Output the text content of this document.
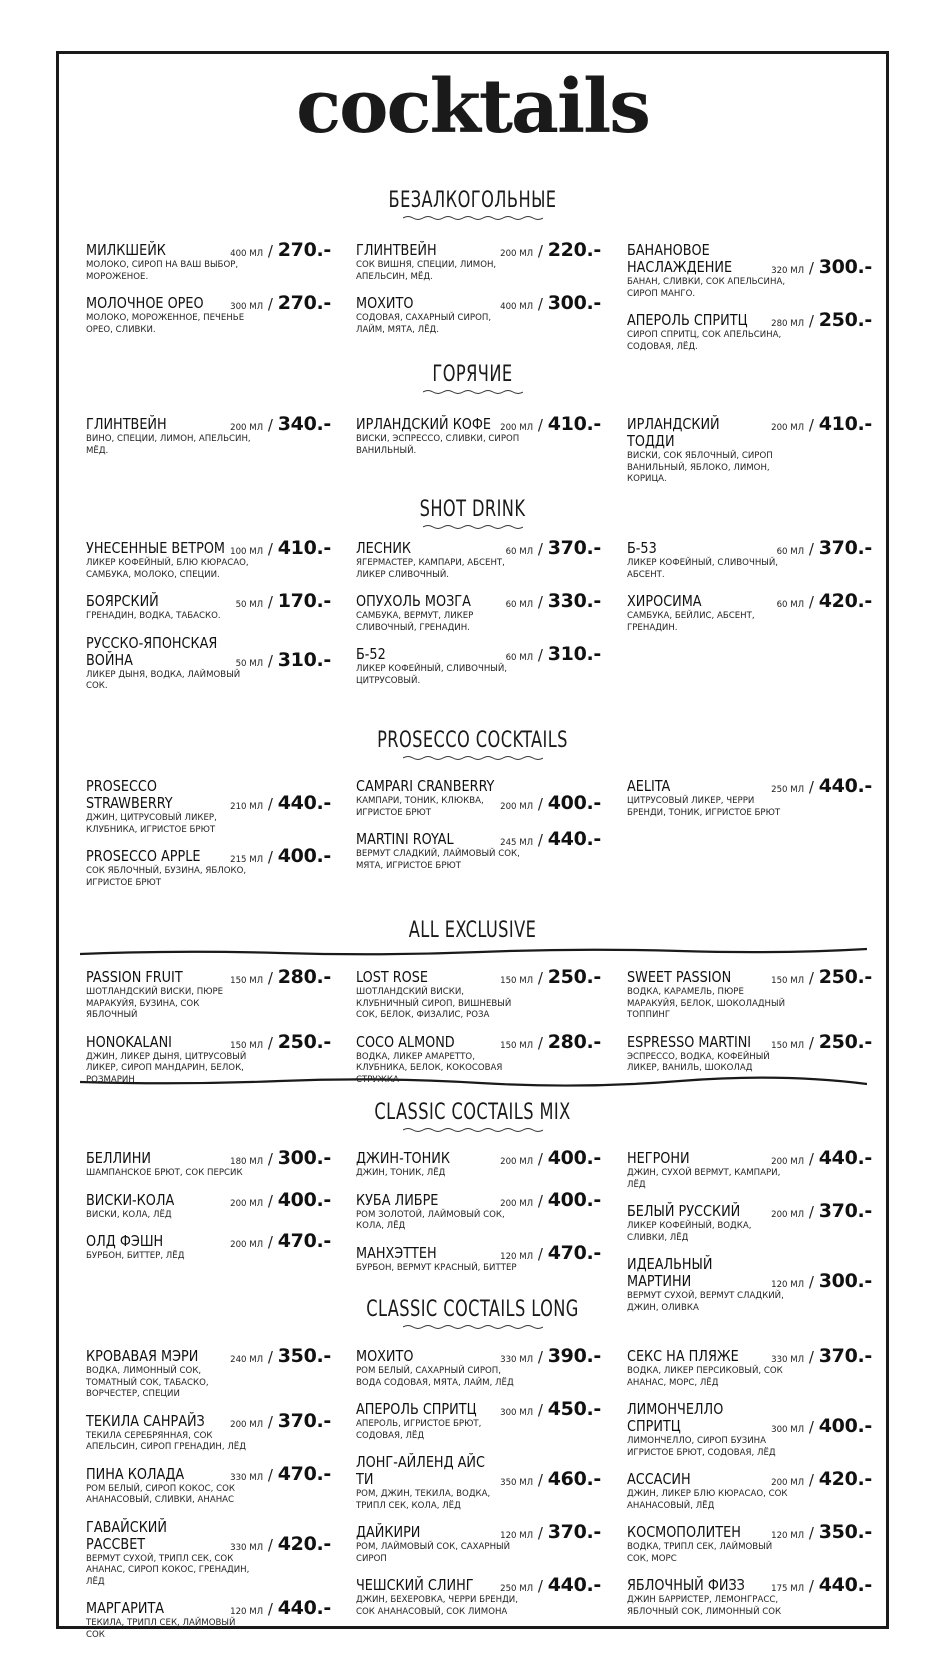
cocktails
БЕЗАЛКОГОЛЬНЫЕ
ГОРЯЧИЕ
SHOT DRINK
PROSECCO COCKTAILS
ALL EXCLUSIVE
CLASSIC COCTAILS MIX
CLASSIC COCTAILS LONG
МИЛКШЕЙК	400 МЛ / 270.-
МОЛОКО, СИРОП НА ВАШ ВЫБОР, МОРОЖЕНОЕ.
МОЛОЧНОЕ ОРЕО	300 МЛ / 270.-
МОЛОКО, МОРОЖЕННОЕ, ПЕЧЕНЬЕ ОРЕО, СЛИВКИ.
ГЛИНТВЕЙН	200 МЛ / 220.-
СОК ВИШНЯ, СПЕЦИИ, ЛИМОН, АПЕЛЬСИН, МЁД.
МОХИТО	400 МЛ / 300.-
СОДОВАЯ, САХАРНЫЙ СИРОП, ЛАЙМ, МЯТА, ЛЁД.
БАНАНОВОЕ НАСЛАЖДЕНИЕ	320 МЛ / 300.-
БАНАН, СЛИВКИ, СОК АПЕЛЬСИНА, СИРОП МАНГО.
АПЕРОЛЬ СПРИТЦ	280 МЛ / 250.-
СИРОП СПРИТЦ, СОК АПЕЛЬСИНА, СОДОВАЯ, ЛЁД.
ГЛИНТВЕЙН	200 МЛ / 340.-
ВИНО, СПЕЦИИ, ЛИМОН, АПЕЛЬСИН, МЁД.
ИРЛАНДСКИЙ КОФЕ	200 МЛ / 410.-
ВИСКИ, ЭСПРЕССО, СЛИВКИ, СИРОП ВАНИЛЬНЫЙ.
ИРЛАНДСКИЙ ТОДДИ
200 МЛ / 410.-
ВИСКИ, СОК ЯБЛОЧНЫЙ, СИРОП ВАНИЛЬНЫЙ, ЯБЛОКО, ЛИМОН, КОРИЦА.
УНЕСЕННЫЕ ВЕТРОМ 100 МЛ / 410.-
ЛИКЕР КОФЕЙНЫЙ, БЛЮ КЮРАСАО, САМБУКА, МОЛОКО, СПЕЦИИ.
БОЯРСКИЙ	50 МЛ / 170.-
ГРЕНАДИН, ВОДКА, ТАБАСКО.
РУССКО-ЯПОНСКАЯ ВОЙНА	50 МЛ / 310.-
ЛИКЕР ДЫНЯ, ВОДКА, ЛАЙМОВЫЙ СОК.
ЛЕСНИК	60 МЛ / 370.-
ЯГЕРМАСТЕР, КАМПАРИ, АБСЕНТ, ЛИКЕР СЛИВОЧНЫЙ.
ОПУХОЛЬ МОЗГА	60 МЛ / 330.-
САМБУКА, ВЕРМУТ, ЛИКЕР СЛИВОЧНЫЙ, ГРЕНАДИН.
Б-52	60 МЛ / 310.-
ЛИКЕР КОФЕЙНЫЙ, СЛИВОЧНЫЙ, ЦИТРУСОВЫЙ.
Б-53	60 МЛ / 370.-
ЛИКЕР КОФЕЙНЫЙ, СЛИВОЧНЫЙ, АБСЕНТ.
ХИРОСИМА	60 МЛ / 420.-
САМБУКА, БЕЙЛИС, АБСЕНТ, ГРЕНАДИН.
PROSECCO STRAWBERRY	210 МЛ / 440.-
ДЖИН, ЦИТРУСОВЫЙ ЛИКЕР, КЛУБНИКА, ИГРИСТОЕ БРЮТ
PROSECCO APPLE	215 МЛ / 400.-
СОК ЯБЛОЧНЫЙ, БУЗИНА, ЯБЛОКО, ИГРИСТОЕ БРЮТ
CAMPARI CRANBERRY
200 МЛ / 400.-
КАМПАРИ, ТОНИК, КЛЮКВА, ИГРИСТОЕ БРЮТ
MARTINI ROYAL	245 МЛ / 440.-
ВЕРМУТ СЛАДКИЙ, ЛАЙМОВЫЙ СОК, МЯТА, ИГРИСТОЕ БРЮТ
AELITA	250 МЛ / 440.-
ЦИТРУСОВЫЙ ЛИКЕР, ЧЕРРИ БРЕНДИ, ТОНИК, ИГРИСТОЕ БРЮТ
PASSION FRUIT	150 МЛ / 280.-
ШОТЛАНДСКИЙ ВИСКИ, ПЮРЕ МАРАКУЙЯ, БУЗИНА, СОК ЯБЛОЧНЫЙ
HONOKALANI	150 МЛ / 250.-
ДЖИН, ЛИКЕР ДЫНЯ, ЦИТРУСОВЫЙ ЛИКЕР, СИРОП МАНДАРИН, БЕЛОК, РОЗМАРИН
LOST ROSE	150 МЛ / 250.-
ШОТЛАНДСКИЙ ВИСКИ, КЛУБНИЧНЫЙ СИРОП, ВИШНЕВЫЙ СОК, БЕЛОК, ФИЗАЛИС, РОЗА
COCO ALMOND	150 МЛ / 280.-
ВОДКА, ЛИКЕР АМАРЕТТО, КЛУБНИКА, БЕЛОК, КОКОСОВАЯ СТРУЖКА
SWEET PASSION	150 МЛ / 250.-
ВОДКА, КАРАМЕЛЬ, ПЮРЕ МАРАКУЙЯ, БЕЛОК, ШОКОЛАДНЫЙ ТОППИНГ
ESPRESSO MARTINI	150 МЛ / 250.-
ЭСПРЕССО, ВОДКА, КОФЕЙНЫЙ ЛИКЕР, ВАНИЛЬ, ШОКОЛАД
БЕЛЛИНИ	180 МЛ / 300.-
ШАМПАНСКОЕ БРЮТ, СОК ПЕРСИК
ВИСКИ-КОЛА	200 МЛ / 400.-
ВИСКИ, КОЛА, ЛЁД
ОЛД ФЭШН	200 МЛ / 470.-
БУРБОН, БИТТЕР, ЛЁД
ДЖИН-ТОНИК	200 МЛ / 400.-
ДЖИН, ТОНИК, ЛЁД
КУБА ЛИБРЕ	200 МЛ / 400.-
РОМ ЗОЛОТОЙ, ЛАЙМОВЫЙ СОК, КОЛА, ЛЁД
МАНХЭТТЕН	120 МЛ / 470.-
БУРБОН, ВЕРМУТ КРАСНЫЙ, БИТТЕР
НЕГРОНИ	200 МЛ / 440.-
ДЖИН, СУХОЙ ВЕРМУТ, КАМПАРИ, ЛЁД
БЕЛЫЙ РУССКИЙ	200 МЛ / 370.-
ЛИКЕР КОФЕЙНЫЙ, ВОДКА, СЛИВКИ, ЛЁД
ИДЕАЛЬНЫЙ МАРТИНИ	120 МЛ / 300.-
ВЕРМУТ СУХОЙ, ВЕРМУТ СЛАДКИЙ, ДЖИН, ОЛИВКА
КРОВАВАЯ МЭРИ	240 МЛ / 350.-
ВОДКА, ЛИМОННЫЙ СОК, ТОМАТНЫЙ СОК, ТАБАСКО, ВОРЧЕСТЕР, СПЕЦИИ
ТЕКИЛА САНРАЙЗ	200 МЛ / 370.-
ТЕКИЛА СЕРЕБРЯННАЯ, СОК АПЕЛЬСИН, СИРОП ГРЕНАДИН, ЛЁД
ПИНА КОЛАДА	330 МЛ / 470.-
РОМ БЕЛЫЙ, СИРОП КОКОС, СОК АНАНАСОВЫЙ, СЛИВКИ, АНАНАС
ГАВАЙСКИЙ РАССВЕТ	330 МЛ / 420.-
ВЕРМУТ СУХОЙ, ТРИПЛ СЕК, СОК АНАНАС, СИРОП КОКОС, ГРЕНАДИН, ЛЁД
МАРГАРИТА	120 МЛ / 440.-
ТЕКИЛА, ТРИПЛ СЕК, ЛАЙМОВЫЙ СОК
МОХИТО	330 МЛ / 390.-
РОМ БЕЛЫЙ, САХАРНЫЙ СИРОП, ВОДА СОДОВАЯ, МЯТА, ЛАЙМ, ЛЁД
АПЕРОЛЬ СПРИТЦ	300 МЛ / 450.-
АПЕРОЛЬ, ИГРИСТОЕ БРЮТ, СОДОВАЯ, ЛЁД
ЛОНГ-АЙЛЕНД АЙС ТИ	350 МЛ / 460.-
РОМ, ДЖИН, ТЕКИЛА, ВОДКА, ТРИПЛ СЕК, КОЛА, ЛЁД
ДАЙКИРИ	120 МЛ / 370.-
РОМ, ЛАЙМОВЫЙ СОК, САХАРНЫЙ СИРОП
ЧЕШСКИЙ СЛИНГ	250 МЛ / 440.-
ДЖИН, БЕХЕРОВКА, ЧЕРРИ БРЕНДИ, СОК АНАНАСОВЫЙ, СОК ЛИМОНА
СЕКС НА ПЛЯЖЕ	330 МЛ / 370.-
ВОДКА, ЛИКЕР ПЕРСИКОВЫЙ, СОК АНАНАС, МОРС, ЛЁД
ЛИМОНЧЕЛЛО СПРИТЦ	300 МЛ / 400.-
ЛИМОНЧЕЛЛО, СИРОП БУЗИНА ИГРИСТОЕ БРЮТ, СОДОВАЯ, ЛЁД
АССАСИН	200 МЛ / 420.-
ДЖИН, ЛИКЕР БЛЮ КЮРАСАО, СОК АНАНАСОВЫЙ, ЛЁД
КОСМОПОЛИТЕН	120 МЛ / 350.-
ВОДКА, ТРИПЛ СЕК, ЛАЙМОВЫЙ СОК, МОРС
ЯБЛОЧНЫЙ ФИЗЗ	175 МЛ / 440.-
ДЖИН БАРРИСТЕР, ЛЕМОНГРАСС, ЯБЛОЧНЫЙ СОК, ЛИМОННЫЙ СОК
